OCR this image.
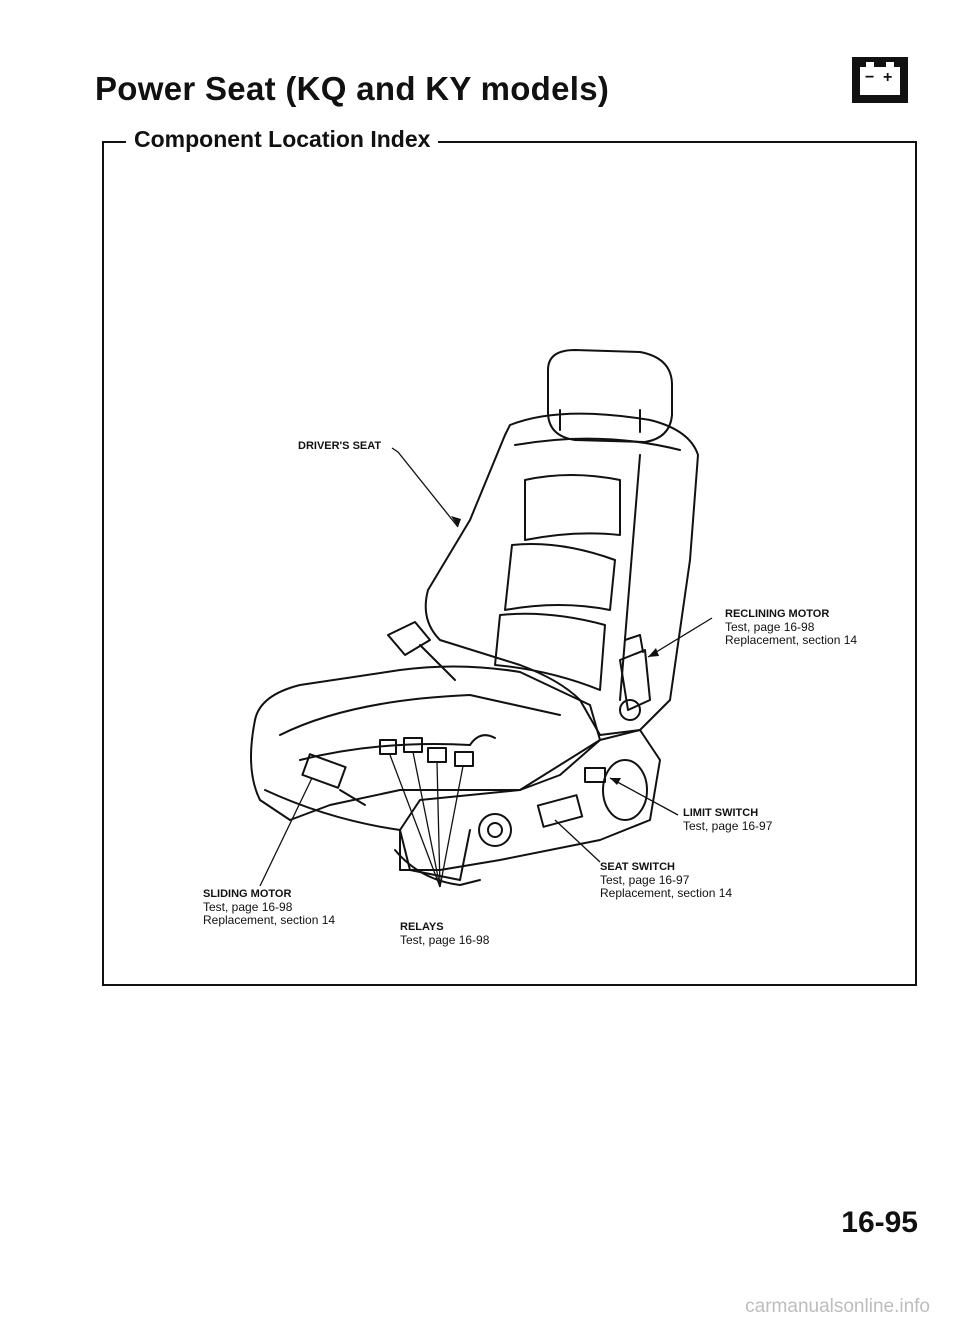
Power Seat (KQ and KY models)	− +
Component Location Index
DRIVER'S SEAT
RECLINING MOTOR
Test, page 16-98
Replacement, section 14
LIMIT SWITCH
Test, page 16-97
SEAT SWITCH
Test, page 16-97
Replacement, section 14
SLIDING MOTOR
Test, page 16-98
Replacement, section 14	RELAYS
Test, page 16-98
16-95
carmanualsonline.info
